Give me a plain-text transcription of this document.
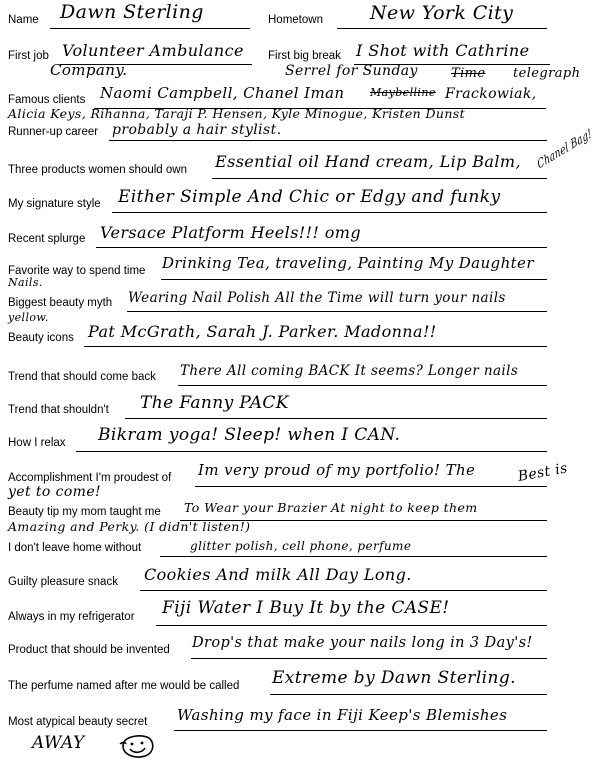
Name Dawn Sterling	Hometown New York City
First job Volunteer Ambulance
Company.
First big break I Shot with Cathrine
Serrel for Sunday	Time telegraph
Famous clients Naomi Campbell, Chanel Iman Maybelline Frackowiak,
Alicia Keys, Rihanna, Taraji P. Hensen, Kyle Minogue, Kristen Dunst
Runner-up career probably a hair stylist.
Three products women should own Essential oil Hand cream, Lip Balm, Chanel Bag!
My signature style Either Simple And Chic or Edgy and funky
Recent splurge Versace Platform Heels!!! omg
Favorite way to spend time Drinking Tea, traveling, Painting My Daughter
Nails.
Biggest beauty myth Wearing Nail Polish All the Time will turn your nails
yellow.
Beauty icons Pat McGrath, Sarah J. Parker. Madonna!!
Trend that should come back There All coming BACK It seems? Longer nails
Trend that shouldn't The Fanny PACK
How I relax Bikram yoga! Sleep! when I CAN.
Accomplishment I'm proudest of Im very proud of my portfolio! The	Best is
yet to come!
Beauty tip my mom taught me To Wear your Brazier At night to keep them
Amazing and Perky. (I didn't listen!)
I don't leave home without	glitter polish, cell phone, perfume
Guilty pleasure snack Cookies And milk All Day Long.
Always in my refrigerator Fiji Water I Buy It by the CASE!
Product that should be invented Drop's that make your nails long in 3 Day's!
The perfume named after me would be called Extreme by Dawn Sterling.
Most atypical beauty secret Washing my face in Fiji Keep's Blemishes
AWAY
